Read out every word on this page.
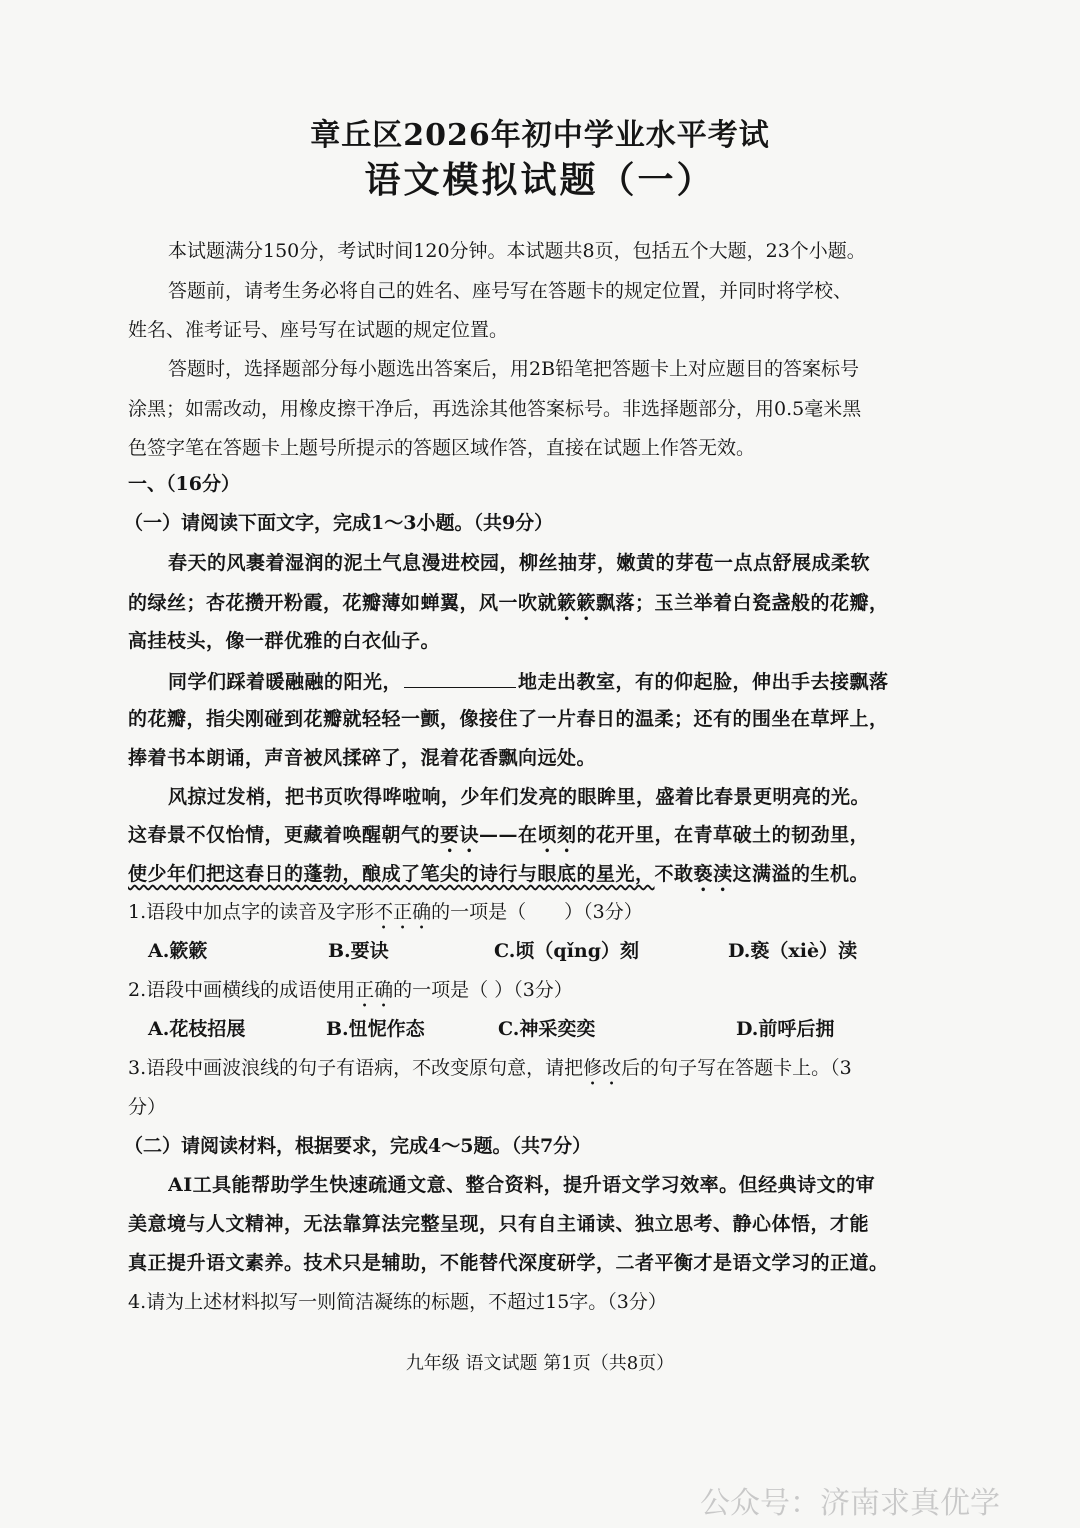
章丘区2026年初中学业水平考试
语文模拟试题（一）
本试题满分150分，考试时间120分钟。本试题共8页，包括五个大题，23个小题。
答题前，请考生务必将自己的姓名、座号写在答题卡的规定位置，并同时将学校、
姓名、准考证号、座号写在试题的规定位置。
答题时，选择题部分每小题选出答案后，用2B铅笔把答题卡上对应题目的答案标号
涂黑；如需改动，用橡皮擦干净后，再选涂其他答案标号。非选择题部分，用0.5毫米黑
色签字笔在答题卡上题号所提示的答题区域作答，直接在试题上作答无效。
一、（16分）
（一）请阅读下面文字，完成1～3小题。（共9分）
春天的风裹着湿润的泥土气息漫进校园，柳丝抽芽，嫩黄的芽苞一点点舒展成柔软
的绿丝；杏花攒开粉霞，花瓣薄如蝉翼，风一吹就簌簌飘落；玉兰举着白瓷盏般的花瓣，
高挂枝头，像一群优雅的白衣仙子。
同学们踩着暖融融的阳光，	地走出教室，有的仰起脸，伸出手去接飘落
的花瓣，指尖刚碰到花瓣就轻轻一颤，像接住了一片春日的温柔；还有的围坐在草坪上，
捧着书本朗诵，声音被风揉碎了，混着花香飘向远处。
风掠过发梢，把书页吹得哗啦响，少年们发亮的眼眸里，盛着比春景更明亮的光。
这春景不仅怡情，更藏着唤醒朝气的要诀——在顷刻的花开里，在青草破土的韧劲里，
使少年们把这春日的蓬勃，酿成了笔尖的诗行与眼底的星光，不敢亵渎这满溢的生机。
1.语段中加点字的读音及字形不正确的一项是（　　）（3分）
A.簌簌	B.要诀	C.顷（qǐng）刻	D.亵（xiè）渎
2.语段中画横线的成语使用正确的一项是（ ）（3分）
A.花枝招展	B.忸怩作态	C.神采奕奕	D.前呼后拥
3.语段中画波浪线的句子有语病，不改变原句意，请把修改后的句子写在答题卡上。（3
分）
（二）请阅读材料，根据要求，完成4～5题。（共7分）
AI工具能帮助学生快速疏通文意、整合资料，提升语文学习效率。但经典诗文的审
美意境与人文精神，无法靠算法完整呈现，只有自主诵读、独立思考、静心体悟，才能
真正提升语文素养。技术只是辅助，不能替代深度研学，二者平衡才是语文学习的正道。
4.请为上述材料拟写一则简洁凝练的标题，不超过15字。（3分）
九年级 语文试题 第1页（共8页）
公众号：济南求真优学
